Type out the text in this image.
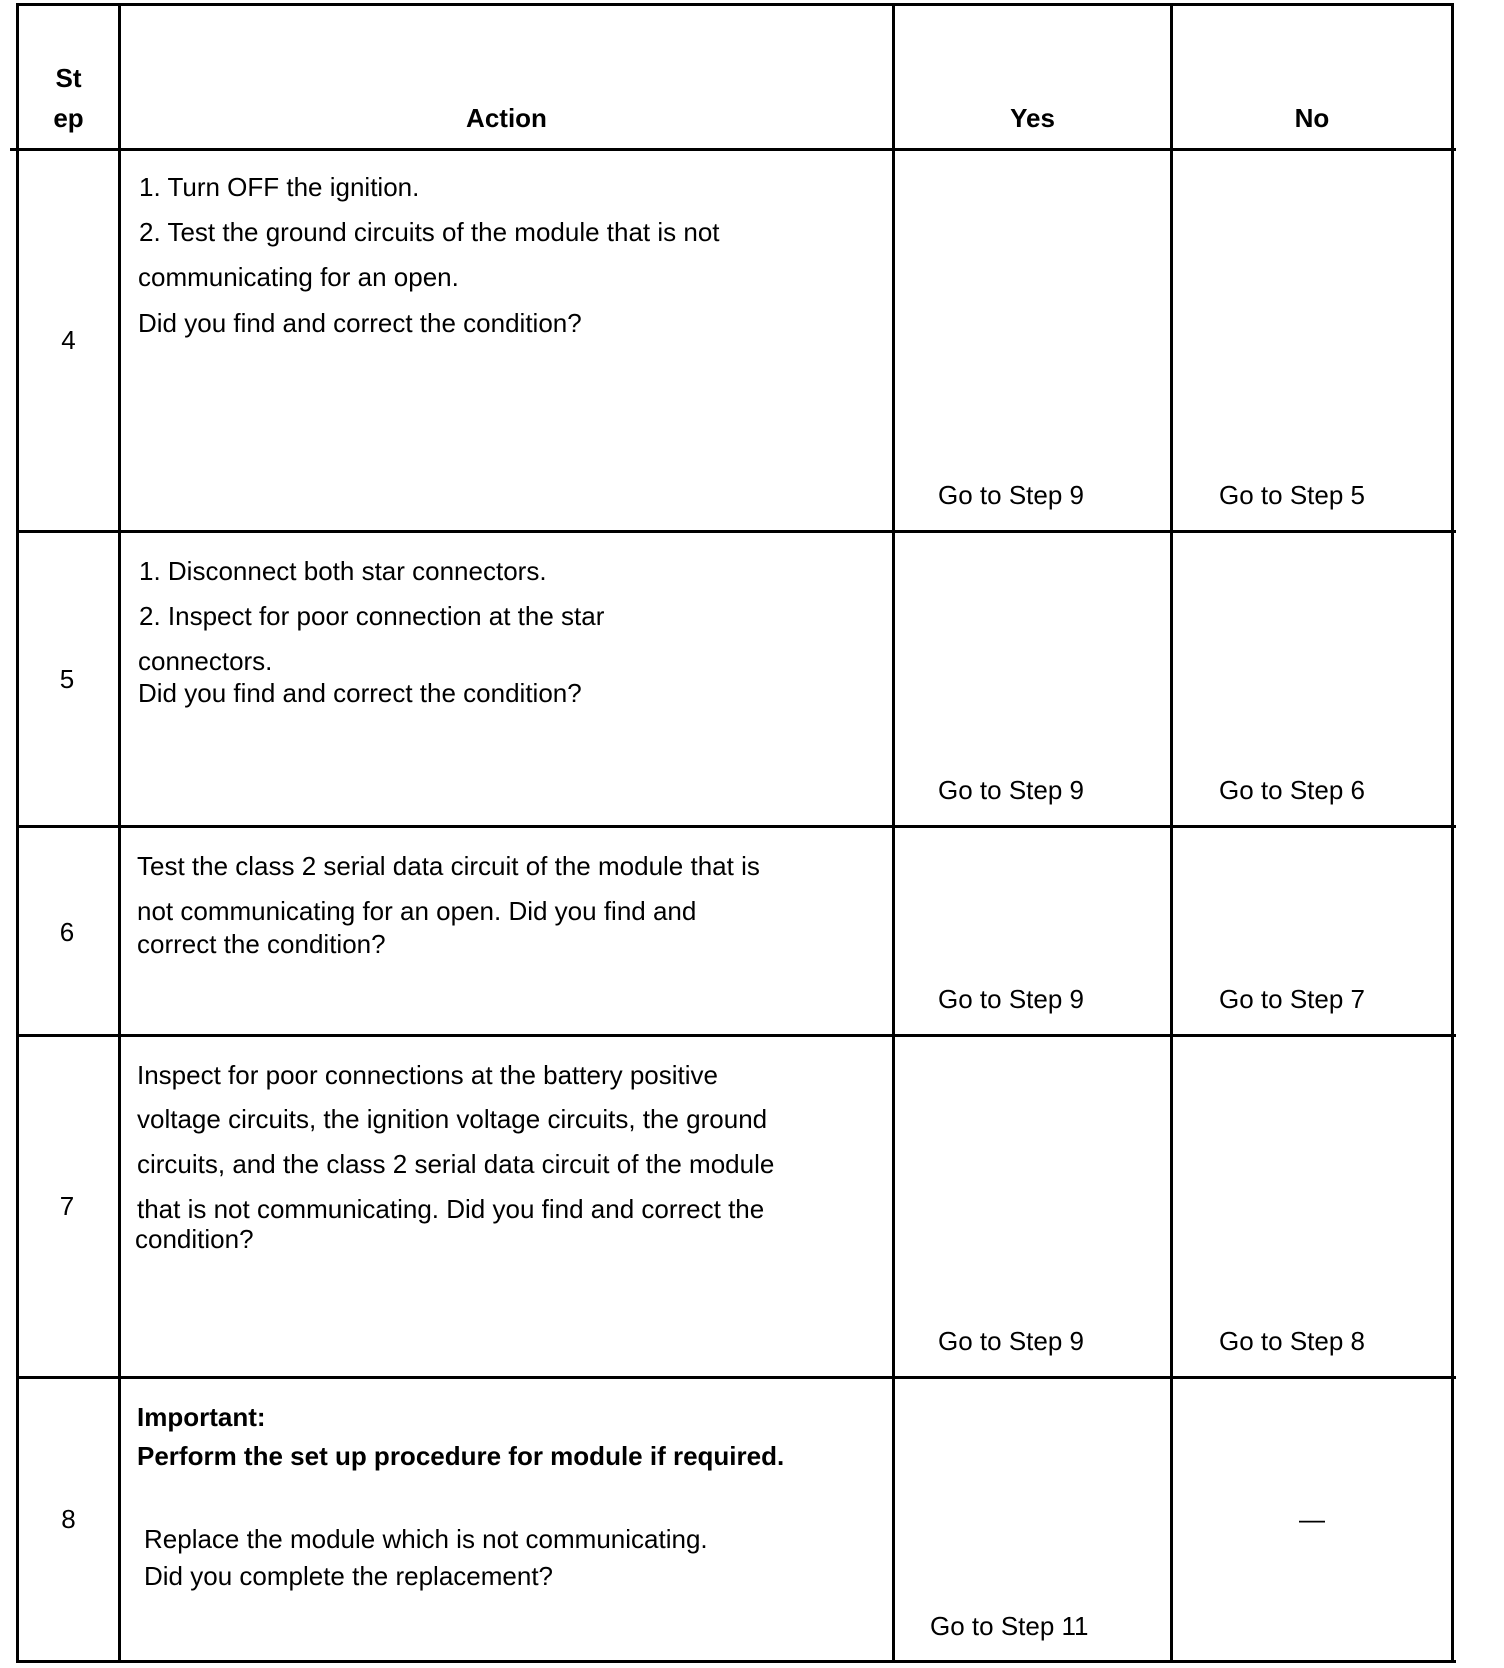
St
ep	Action	Yes	No
4
1. Turn OFF the ignition.
2. Test the ground circuits of the module that is not
communicating for an open.
Did you find and correct the condition?
Go to Step 9	Go to Step 5
5
1. Disconnect both star connectors.
2. Inspect for poor connection at the star
connectors.
Did you find and correct the condition?
Go to Step 9	Go to Step 6
6
Test the class 2 serial data circuit of the module that is
not communicating for an open. Did you find and
correct the condition?
Go to Step 9	Go to Step 7
7
Inspect for poor connections at the battery positive
voltage circuits, the ignition voltage circuits, the ground
circuits, and the class 2 serial data circuit of the module
that is not communicating. Did you find and correct the
condition?
Go to Step 9	Go to Step 8
8
Important:
Perform the set up procedure for module if required.
Replace the module which is not communicating.
Did you complete the replacement?
Go to Step 11
—
